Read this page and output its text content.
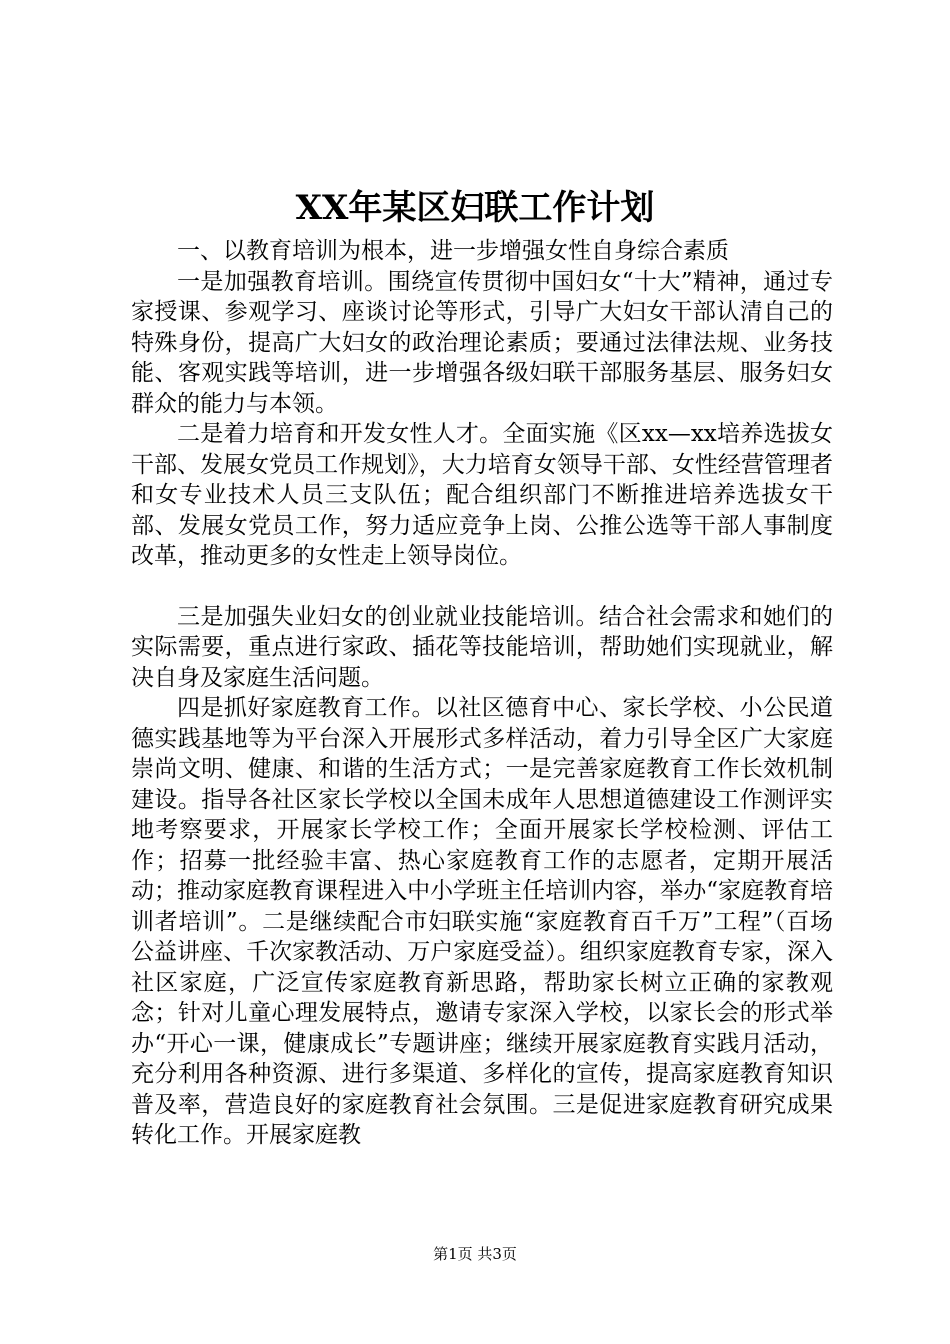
XX年某区妇联工作计划

一、以教育培训为根本，进一步增强女性自身综合素质

一是加强教育培训。围绕宣传贯彻中国妇女“十大”精神，通过专家授课、参观学习、座谈讨论等形式，引导广大妇女干部认清自己的特殊身份，提高广大妇女的政治理论素质；要通过法律法规、业务技能、客观实践等培训，进一步增强各级妇联干部服务基层、服务妇女群众的能力与本领。

二是着力培育和开发女性人才。全面实施《区xx—xx培养选拔女干部、发展女党员工作规划》，大力培育女领导干部、女性经营管理者和女专业技术人员三支队伍；配合组织部门不断推进培养选拔女干部、发展女党员工作，努力适应竞争上岗、公推公选等干部人事制度改革，推动更多的女性走上领导岗位。

三是加强失业妇女的创业就业技能培训。结合社会需求和她们的实际需要，重点进行家政、插花等技能培训，帮助她们实现就业，解决自身及家庭生活问题。

四是抓好家庭教育工作。以社区德育中心、家长学校、小公民道德实践基地等为平台深入开展形式多样活动，着力引导全区广大家庭崇尚文明、健康、和谐的生活方式；一是完善家庭教育工作长效机制建设。指导各社区家长学校以全国未成年人思想道德建设工作测评实地考察要求，开展家长学校工作；全面开展家长学校检测、评估工作；招募一批经验丰富、热心家庭教育工作的志愿者，定期开展活动；推动家庭教育课程进入中小学班主任培训内容，举办“家庭教育培训者培训”。二是继续配合市妇联实施“家庭教育百千万”工程”（百场公益讲座、千次家教活动、万户家庭受益）。组织家庭教育专家，深入社区家庭，广泛宣传家庭教育新思路，帮助家长树立正确的家教观念；针对儿童心理发展特点，邀请专家深入学校，以家长会的形式举办“开心一课，健康成长”专题讲座；继续开展家庭教育实践月活动，充分利用各种资源、进行多渠道、多样化的宣传，提高家庭教育知识普及率，营造良好的家庭教育社会氛围。三是促进家庭教育研究成果转化工作。开展家庭教

第1页 共3页
